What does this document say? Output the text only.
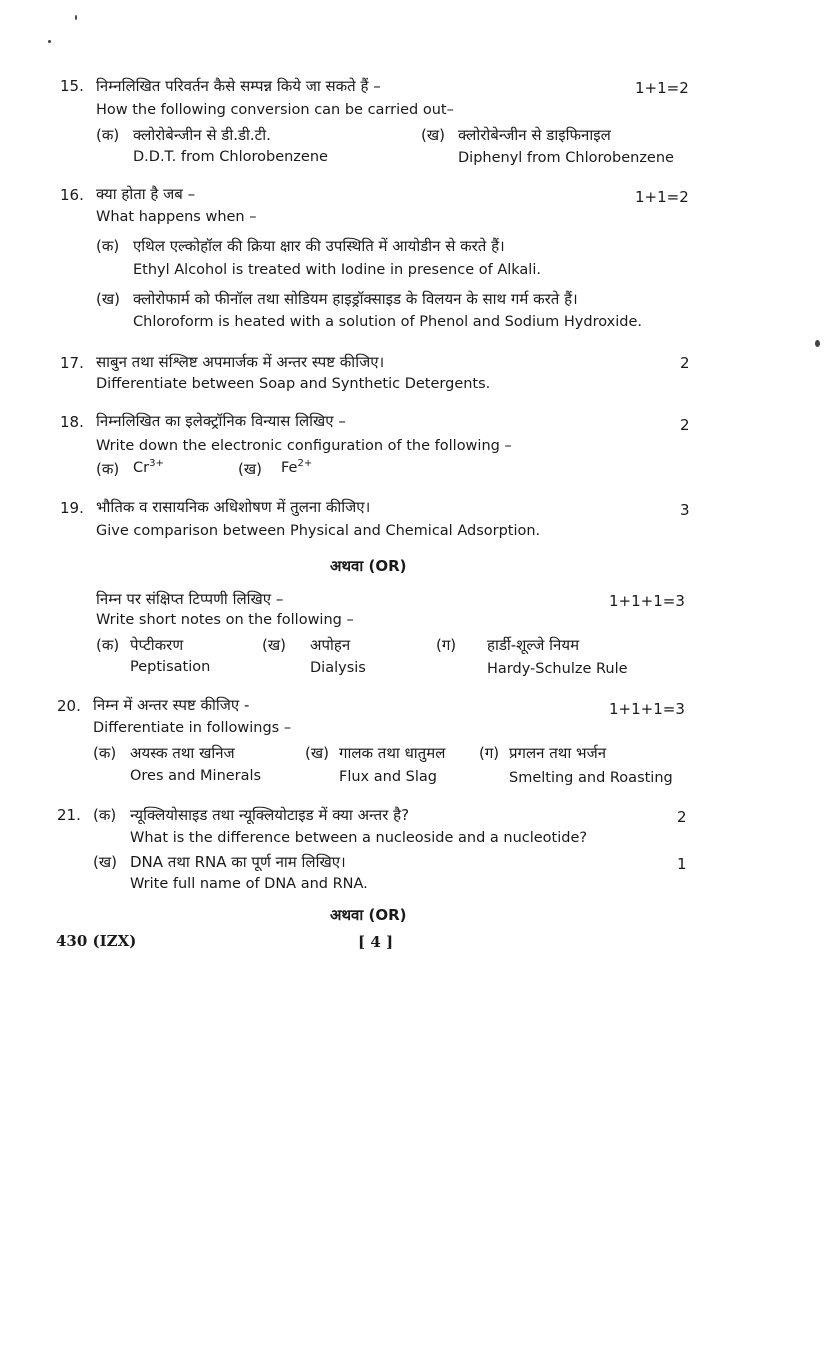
15. निम्नलिखित परिवर्तन कैसे सम्पन्न किये जा सकते हैं –	1+1=2
How the following conversion can be carried out–
(क) क्लोरोबेन्जीन से डी.डी.टी.
D.D.T. from Chlorobenzene
(ख) क्लोरोबेन्जीन से डाइफिनाइल
Diphenyl from Chlorobenzene
16. क्या होता है जब –	1+1=2
What happens when –
(क) एथिल एल्कोहॉल की क्रिया क्षार की उपस्थिति में आयोडीन से करते हैं।
Ethyl Alcohol is treated with Iodine in presence of Alkali.
(ख) क्लोरोफार्म को फीनॉल तथा सोडियम हाइड्रॉक्साइड के विलयन के साथ गर्म करते हैं।
Chloroform is heated with a solution of Phenol and Sodium Hydroxide.
17. साबुन तथा संश्लिष्ट अपमार्जक में अन्तर स्पष्ट कीजिए।	2
Differentiate between Soap and Synthetic Detergents.
18. निम्नलिखित का इलेक्ट्रॉनिक विन्यास लिखिए –	2
Write down the electronic configuration of the following –
(क) $Cr^{3+}$	(ख) $Fe^{2+}$
19. भौतिक व रासायनिक अधिशोषण में तुलना कीजिए।	3
Give comparison between Physical and Chemical Adsorption.
अथवा (OR)
निम्न पर संक्षिप्त टिप्पणी लिखिए –	1+1+1=3
Write short notes on the following –
(क) पेप्टीकरण
Peptisation
(ख) अपोहन
Dialysis
(ग) हार्डी-शूल्जे नियम
Hardy-Schulze Rule
20. निम्न में अन्तर स्पष्ट कीजिए -	1+1+1=3
Differentiate in followings –
(क) अयस्क तथा खनिज
Ores and Minerals
(ख) गालक तथा धातुमल
Flux and Slag
(ग) प्रगलन तथा भर्जन
Smelting and Roasting
21. (क) न्यूक्लियोसाइड तथा न्यूक्लियोटाइड में क्या अन्तर है?	2
What is the difference between a nucleoside and a nucleotide?
(ख) DNA तथा RNA का पूर्ण नाम लिखिए।	1
Write full name of DNA and RNA.
अथवा (OR)
430 (IZX)	[ 4 ]
